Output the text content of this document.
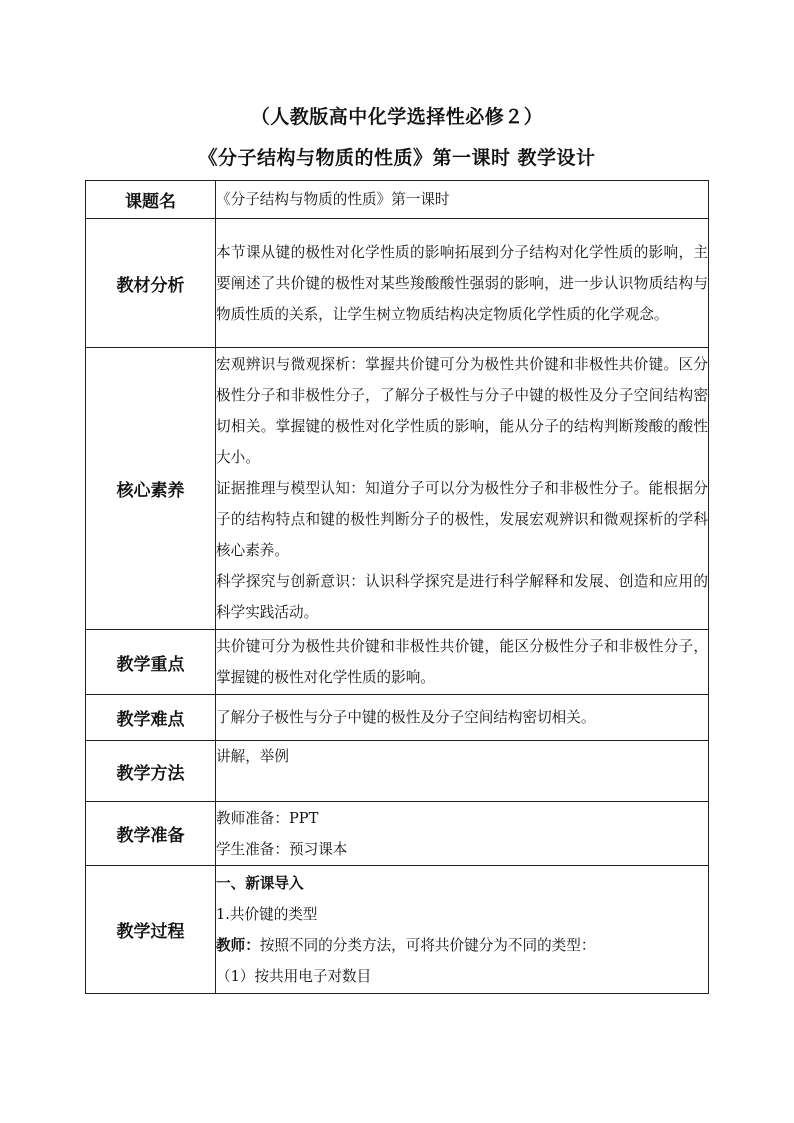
（人教版高中化学选择性必修２）
《分子结构与物质的性质》第一课时 教学设计
课题名	《分子结构与物质的性质》第一课时
教材分析	本节课从键的极性对化学性质的影响拓展到分子结构对化学性质的影响，主要阐述了共价键的极性对某些羧酸酸性强弱的影响，进一步认识物质结构与物质性质的关系，让学生树立物质结构决定物质化学性质的化学观念。
核心素养	宏观辨识与微观探析：掌握共价键可分为极性共价键和非极性共价键。区分极性分子和非极性分子，了解分子极性与分子中键的极性及分子空间结构密切相关。掌握键的极性对化学性质的影响，能从分子的结构判断羧酸的酸性大小。
证据推理与模型认知：知道分子可以分为极性分子和非极性分子。能根据分子的结构特点和键的极性判断分子的极性，发展宏观辨识和微观探析的学科核心素养。
科学探究与创新意识：认识科学探究是进行科学解释和发展、创造和应用的科学实践活动。

教学重点	共价键可分为极性共价键和非极性共价键，能区分极性分子和非极性分子，掌握键的极性对化学性质的影响。
教学难点	了解分子极性与分子中键的极性及分子空间结构密切相关。
教学方法	讲解，举例
教学准备	教师准备：PPT
学生准备：预习课本

教学过程	一、新课导入
1.共价键的类型
教师：按照不同的分类方法，可将共价键分为不同的类型：
（1）按共用电子对数目
